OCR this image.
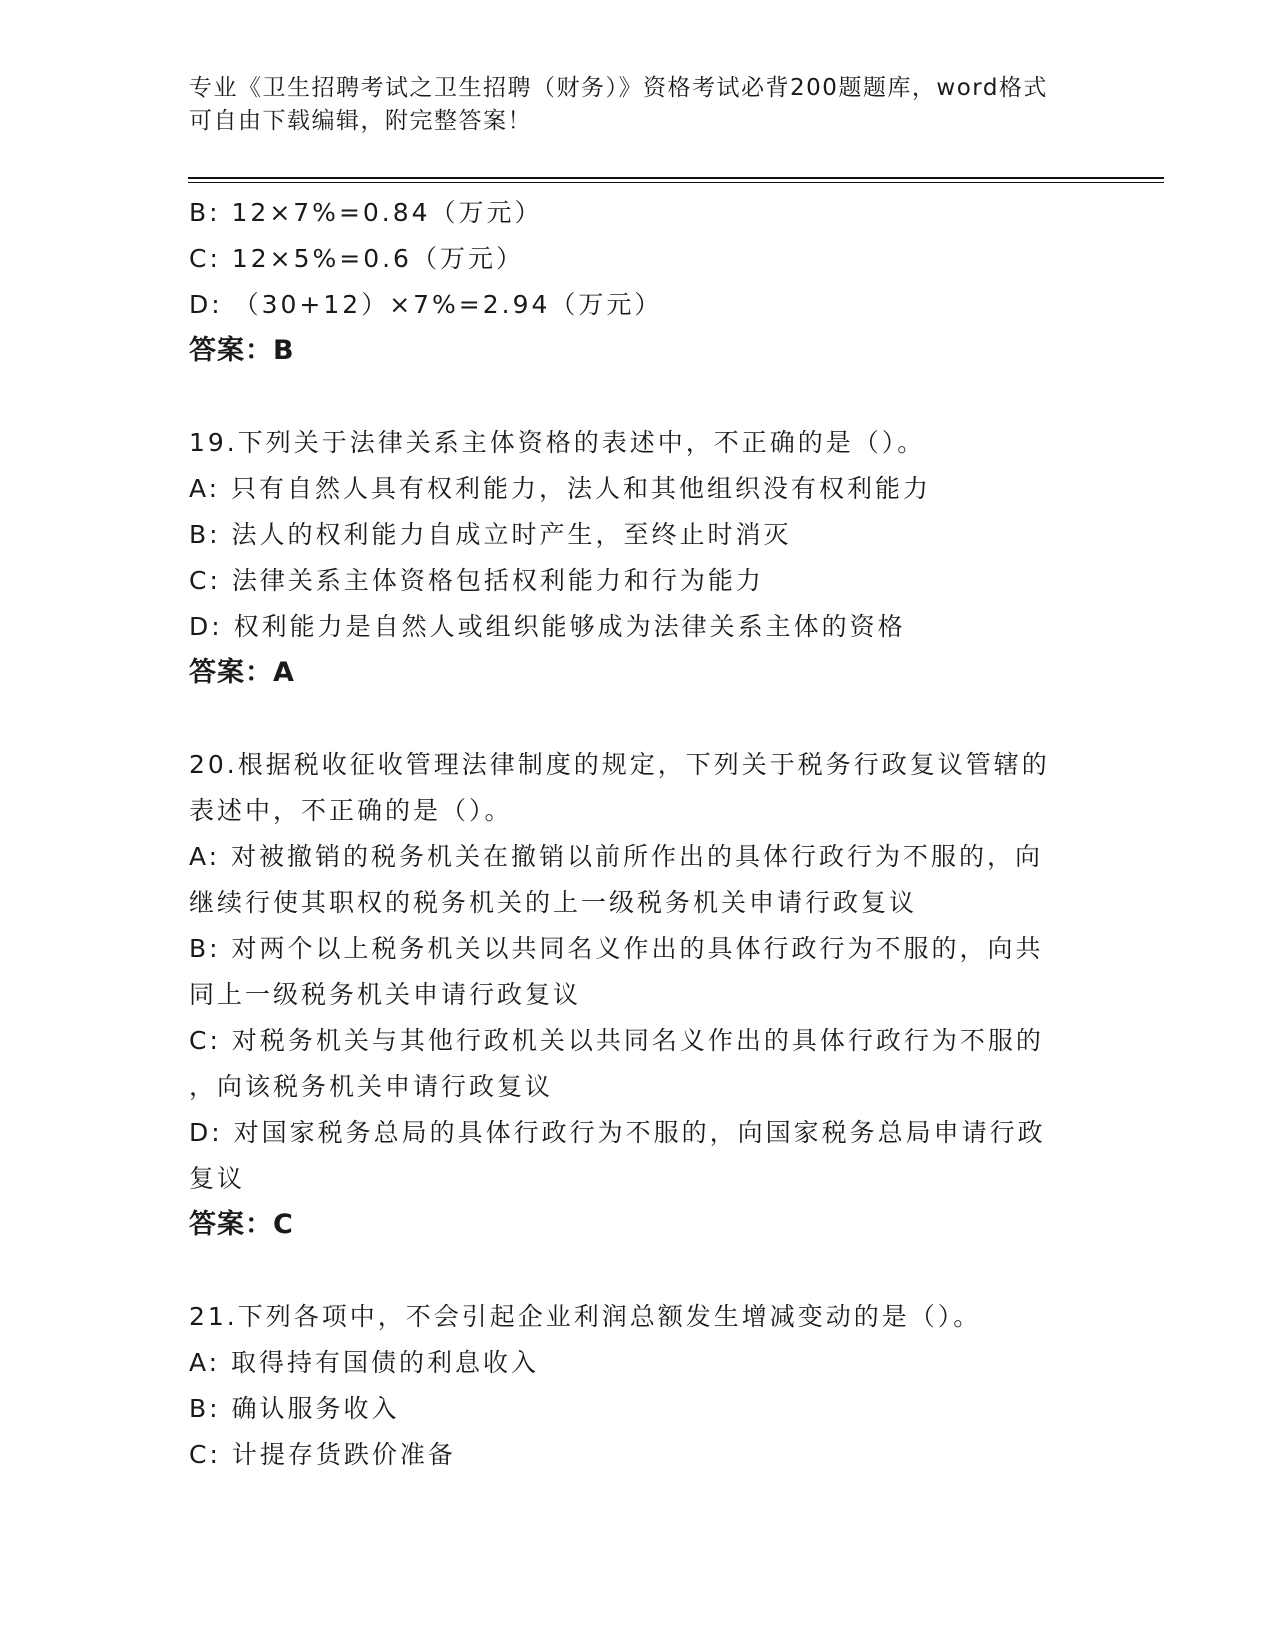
专业《卫生招聘考试之卫生招聘（财务）》资格考试必背200题题库，word格式
可自由下载编辑，附完整答案！
B: 12×7%=0.84（万元）
C: 12×5%=0.6（万元）
D: （30+12）×7%=2.94（万元）
答案：B
19.下列关于法律关系主体资格的表述中，不正确的是（）。
A: 只有自然人具有权利能力，法人和其他组织没有权利能力
B: 法人的权利能力自成立时产生，至终止时消灭
C: 法律关系主体资格包括权利能力和行为能力
D: 权利能力是自然人或组织能够成为法律关系主体的资格
答案：A
20.根据税收征收管理法律制度的规定，下列关于税务行政复议管辖的
表述中，不正确的是（）。
A: 对被撤销的税务机关在撤销以前所作出的具体行政行为不服的，向
继续行使其职权的税务机关的上一级税务机关申请行政复议
B: 对两个以上税务机关以共同名义作出的具体行政行为不服的，向共
同上一级税务机关申请行政复议
C: 对税务机关与其他行政机关以共同名义作出的具体行政行为不服的
，向该税务机关申请行政复议
D: 对国家税务总局的具体行政行为不服的，向国家税务总局申请行政
复议
答案：C
21.下列各项中，不会引起企业利润总额发生增减变动的是（）。
A: 取得持有国债的利息收入
B: 确认服务收入
C: 计提存货跌价准备
